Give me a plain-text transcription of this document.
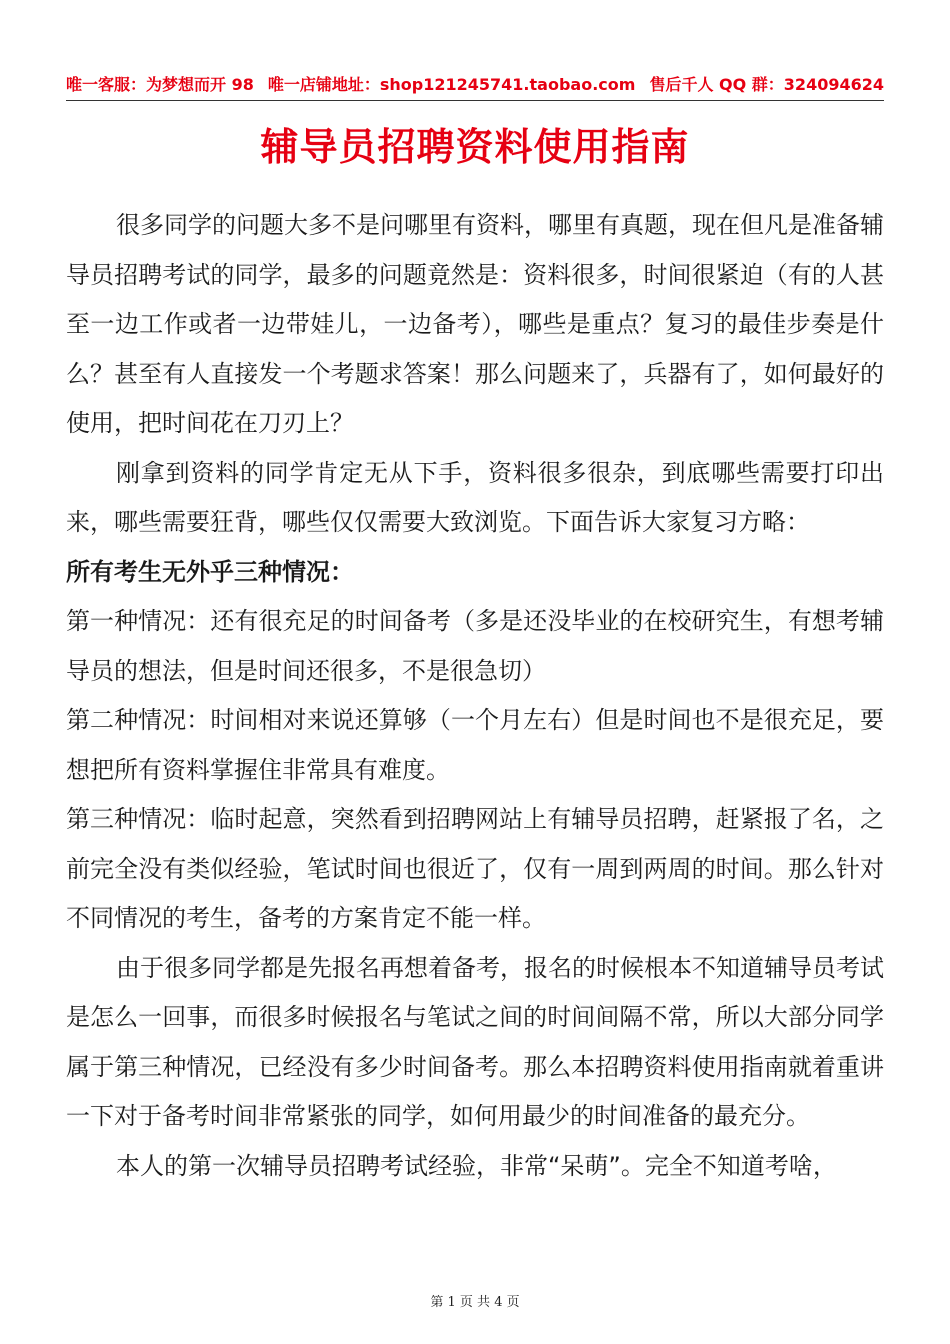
唯一客服：为梦想而开 98 唯一店铺地址：shop121245741.taobao.com 售后千人 QQ 群：324094624
辅导员招聘资料使用指南

很多同学的问题大多不是问哪里有资料，哪里有真题，现在但凡是准备辅导员招聘考试的同学，最多的问题竟然是：资料很多，时间很紧迫（有的人甚至一边工作或者一边带娃儿，一边备考），哪些是重点？复习的最佳步奏是什么？甚至有人直接发一个考题求答案！那么问题来了，兵器有了，如何最好的使用，把时间花在刀刃上？

刚拿到资料的同学肯定无从下手，资料很多很杂，到底哪些需要打印出来，哪些需要狂背，哪些仅仅需要大致浏览。下面告诉大家复习方略：

所有考生无外乎三种情况：

第一种情况：还有很充足的时间备考（多是还没毕业的在校研究生，有想考辅导员的想法，但是时间还很多，不是很急切）

第二种情况：时间相对来说还算够（一个月左右）但是时间也不是很充足，要想把所有资料掌握住非常具有难度。

第三种情况：临时起意，突然看到招聘网站上有辅导员招聘，赶紧报了名，之前完全没有类似经验，笔试时间也很近了，仅有一周到两周的时间。那么针对不同情况的考生，备考的方案肯定不能一样。

由于很多同学都是先报名再想着备考，报名的时候根本不知道辅导员考试是怎么一回事，而很多时候报名与笔试之间的时间间隔不常，所以大部分同学属于第三种情况，已经没有多少时间备考。那么本招聘资料使用指南就着重讲一下对于备考时间非常紧张的同学，如何用最少的时间准备的最充分。

本人的第一次辅导员招聘考试经验，非常“呆萌”。完全不知道考啥，

第 1 页 共 4 页
